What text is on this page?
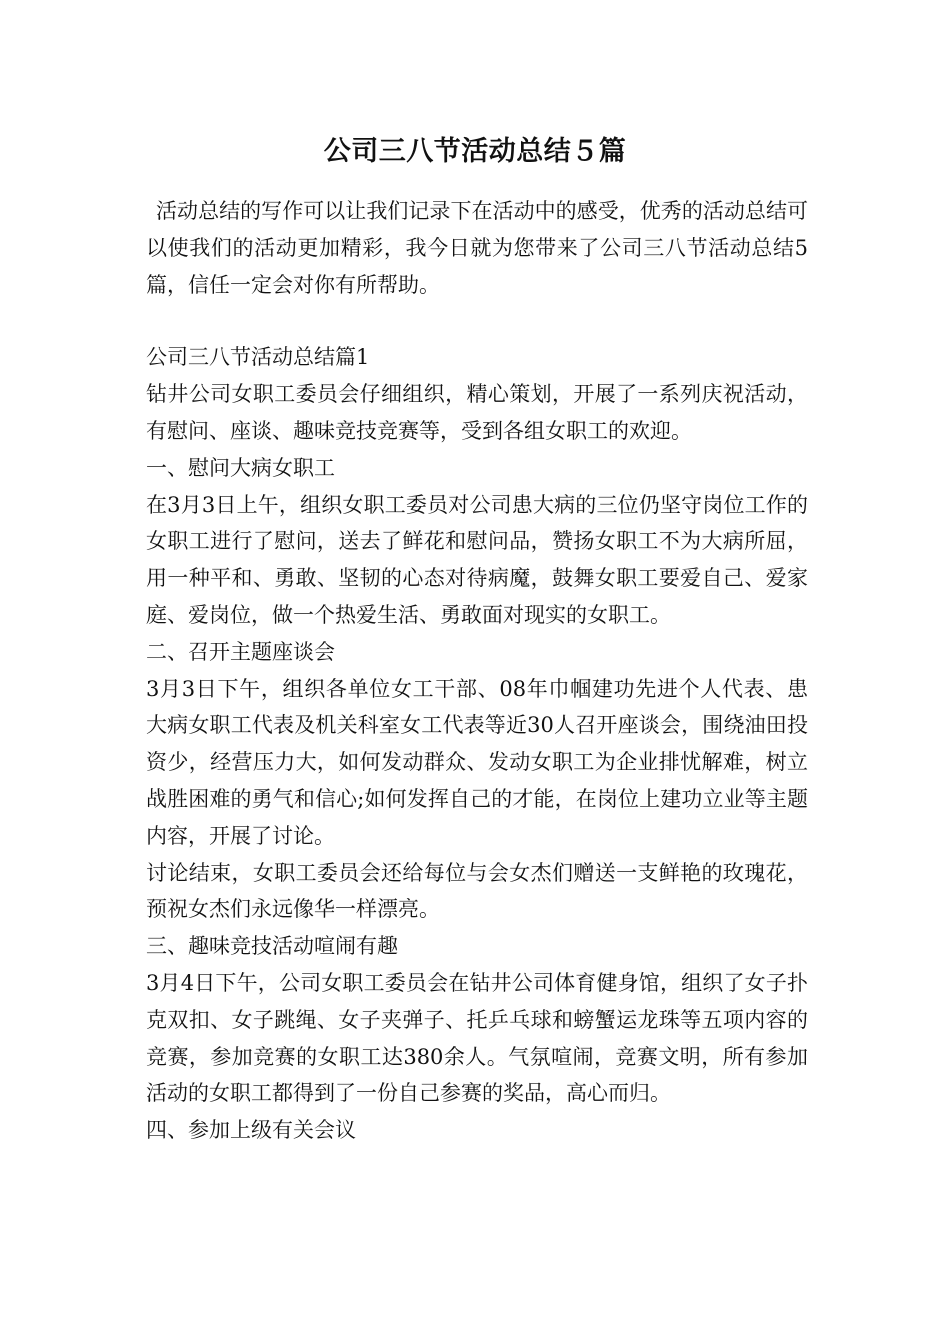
公司三八节活动总结５篇

活动总结的写作可以让我们记录下在活动中的感受，优秀的活动总结可以使我们的活动更加精彩，我今日就为您带来了公司三八节活动总结5篇，信任一定会对你有所帮助。

公司三八节活动总结篇1

钻井公司女职工委员会仔细组织，精心策划，开展了一系列庆祝活动，有慰问、座谈、趣味竞技竞赛等，受到各组女职工的欢迎。

一、慰问大病女职工

在3月3日上午，组织女职工委员对公司患大病的三位仍坚守岗位工作的女职工进行了慰问，送去了鲜花和慰问品，赞扬女职工不为大病所屈，用一种平和、勇敢、坚韧的心态对待病魔，鼓舞女职工要爱自己、爱家庭、爱岗位，做一个热爱生活、勇敢面对现实的女职工。

二、召开主题座谈会

3月3日下午，组织各单位女工干部、08年巾帼建功先进个人代表、患大病女职工代表及机关科室女工代表等近30人召开座谈会，围绕油田投资少，经营压力大，如何发动群众、发动女职工为企业排忧解难，树立战胜困难的勇气和信心;如何发挥自己的才能，在岗位上建功立业等主题内容，开展了讨论。

讨论结束，女职工委员会还给每位与会女杰们赠送一支鲜艳的玫瑰花，预祝女杰们永远像华一样漂亮。

三、趣味竞技活动喧闹有趣

3月4日下午，公司女职工委员会在钻井公司体育健身馆，组织了女子扑克双扣、女子跳绳、女子夹弹子、托乒乓球和螃蟹运龙珠等五项内容的竞赛，参加竞赛的女职工达380余人。气氛喧闹，竞赛文明，所有参加活动的女职工都得到了一份自己参赛的奖品，高心而归。

四、参加上级有关会议
